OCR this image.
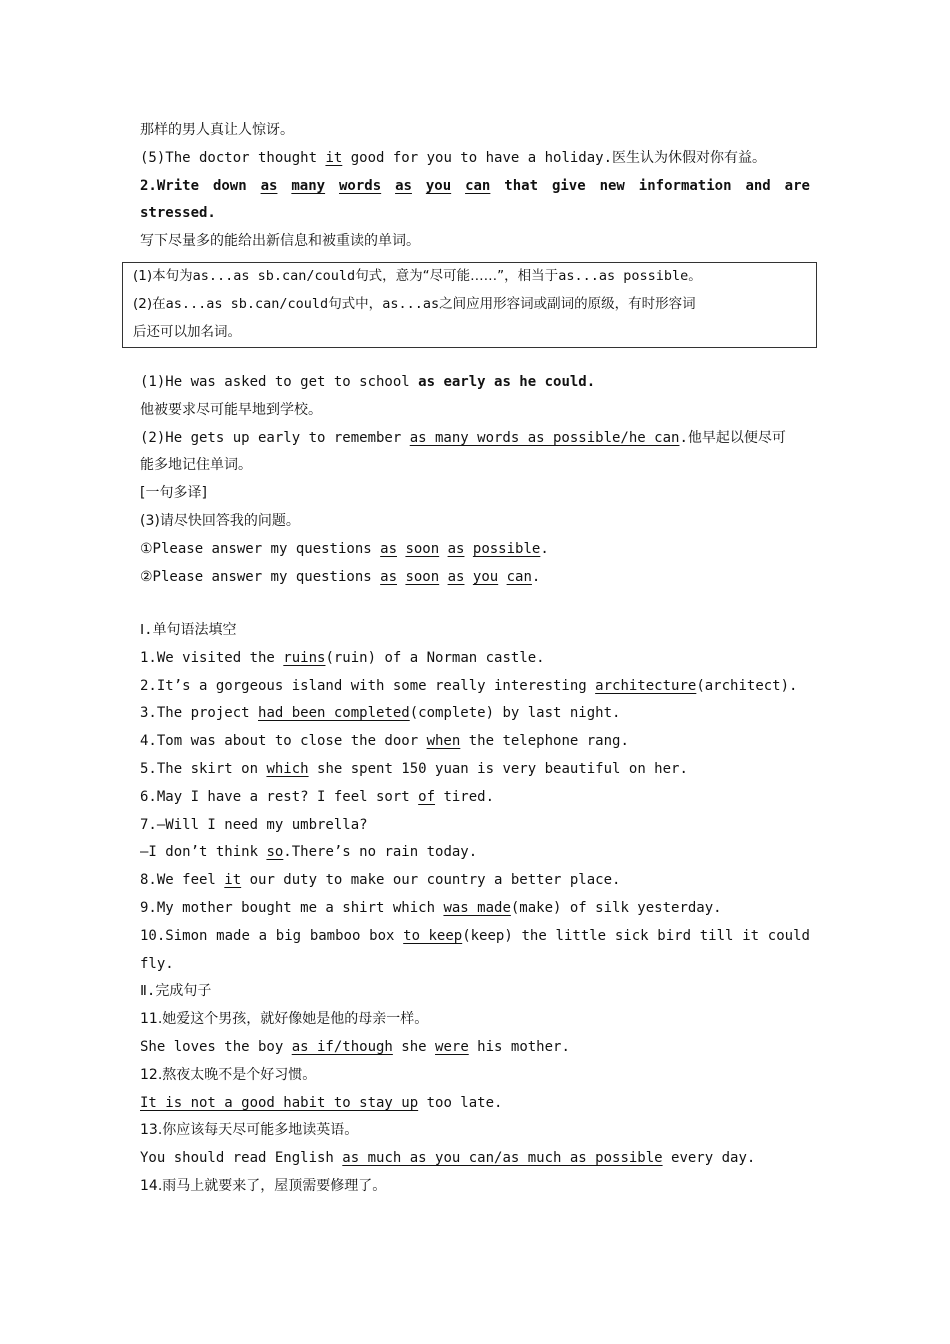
那样的男人真让人惊讶。
(5)The doctor thought it good for you to have a holiday.医生认为休假对你有益。
2.Write down as many words as you can that give new information and are
stressed.
写下尽量多的能给出新信息和被重读的单词。
(1)本句为as...as sb.can/could句式，意为“尽可能……”，相当于as...as possible。
(2)在as...as sb.can/could句式中，as...as之间应用形容词或副词的原级，有时形容词
后还可以加名词。
(1)He was asked to get to school as early as he could.
他被要求尽可能早地到学校。
(2)He gets up early to remember as many words as possible/he can.他早起以便尽可
能多地记住单词。
[一句多译]
(3)请尽快回答我的问题。
①Please answer my questions as soon as possible.
②Please answer my questions as soon as you can.
Ⅰ.单句语法填空
1.We visited the ruins(ruin) of a Norman castle.
2.It’s a gorgeous island with some really interesting architecture(architect).
3.The project had been completed(complete) by last night.
4.Tom was about to close the door when the telephone rang.
5.The skirt on which she spent 150 yuan is very beautiful on her.
6.May I have a rest? I feel sort of tired.
7.—Will I need my umbrella?
—I don’t think so.There’s no rain today.
8.We feel it our duty to make our country a better place.
9.My mother bought me a shirt which was made(make) of silk yesterday.
10.Simon made a big bamboo box to keep(keep) the little sick bird till it could
fly.
Ⅱ.完成句子
11.她爱这个男孩，就好像她是他的母亲一样。
She loves the boy as if/though she were his mother.
12.熬夜太晚不是个好习惯。
It is not a good habit to stay up too late.
13.你应该每天尽可能多地读英语。
You should read English as much as you can/as much as possible every day.
14.雨马上就要来了，屋顶需要修理了。
